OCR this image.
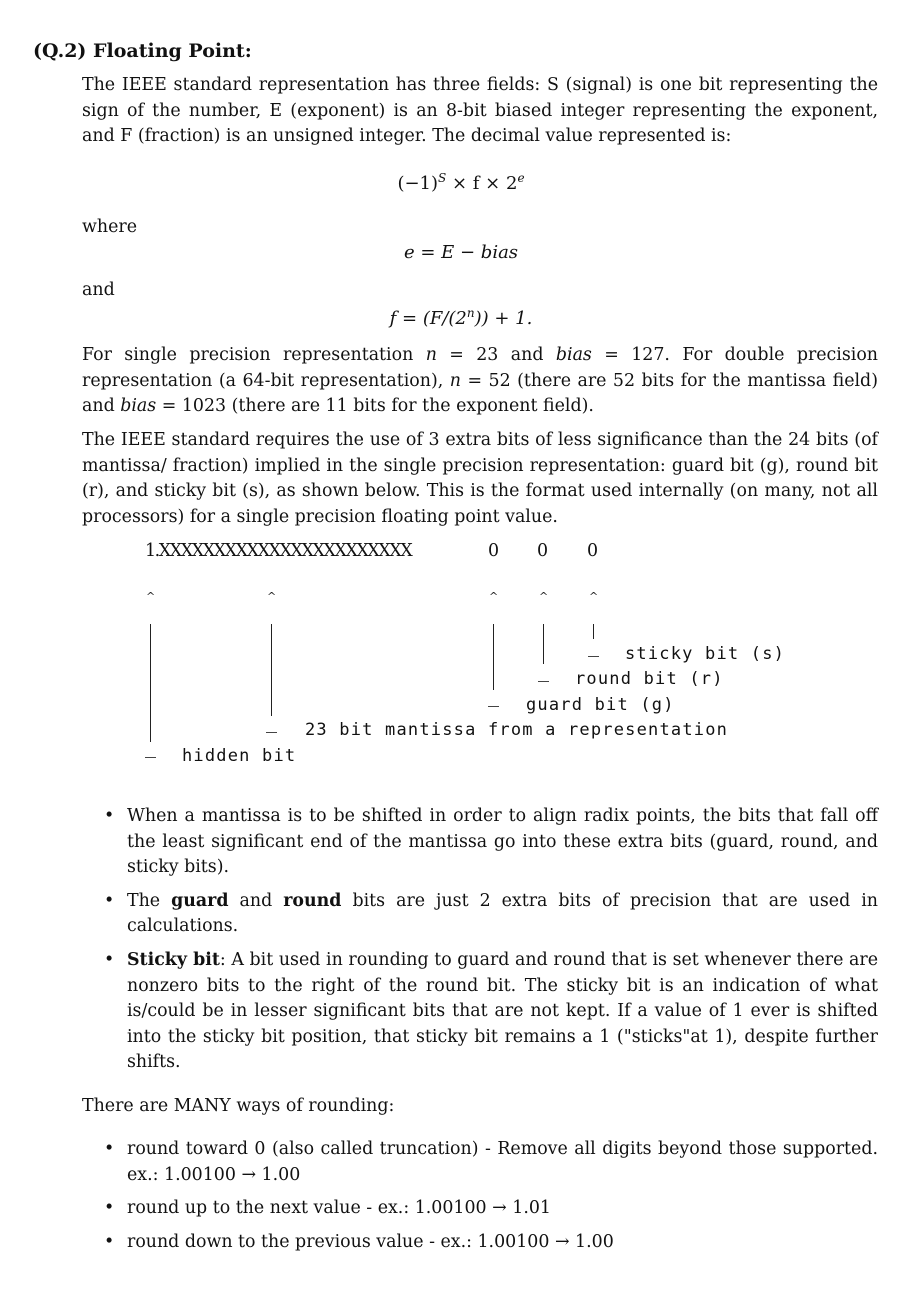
(Q.2) Floating Point:

The IEEE standard representation has three fields: S (signal) is one bit representing the sign of the number, E (exponent) is an 8-bit biased integer representing the exponent, and F (fraction) is an unsigned integer. The decimal value represented is:

$(-1)^S \times f \times 2^e$
where
e = E − bias
and
$f = (F/(2^n)) + 1$.

For single precision representation n = 23 and bias = 127. For double precision representation (a 64-bit representation), n = 52 (there are 52 bits for the mantissa field) and bias = 1023 (there are 11 bits for the exponent field).

The IEEE standard requires the use of 3 extra bits of less significance than the 24 bits (of mantissa/ fraction) implied in the single precision representation: guard bit (g), round bit (r), and sticky bit (s), as shown below. This is the format used internally (on many, not all processors) for a single precision floating point value.

1.XXXXXXXXXXXXXXXXXXXXXXX	0 0 0
^	^	^	^	^
sticky bit (s)
round bit (r)
guard bit (g)
23 bit mantissa from a representation
hidden bit
• When a mantissa is to be shifted in order to align radix points, the bits that fall off the least significant end of the mantissa go into these extra bits (guard, round, and sticky bits).
• The guard and round bits are just 2 extra bits of precision that are used in calculations.
• Sticky bit: A bit used in rounding to guard and round that is set whenever there are nonzero bits to the right of the round bit. The sticky bit is an indication of what is/could be in lesser significant bits that are not kept. If a value of 1 ever is shifted into the sticky bit position, that sticky bit remains a 1 ("sticks"at 1), despite further shifts.
There are MANY ways of rounding:
• round toward 0 (also called truncation) - Remove all digits beyond those supported. ex.: 1.00100 → 1.00
• round up to the next value - ex.: 1.00100 → 1.01
• round down to the previous value - ex.: 1.00100 → 1.00
